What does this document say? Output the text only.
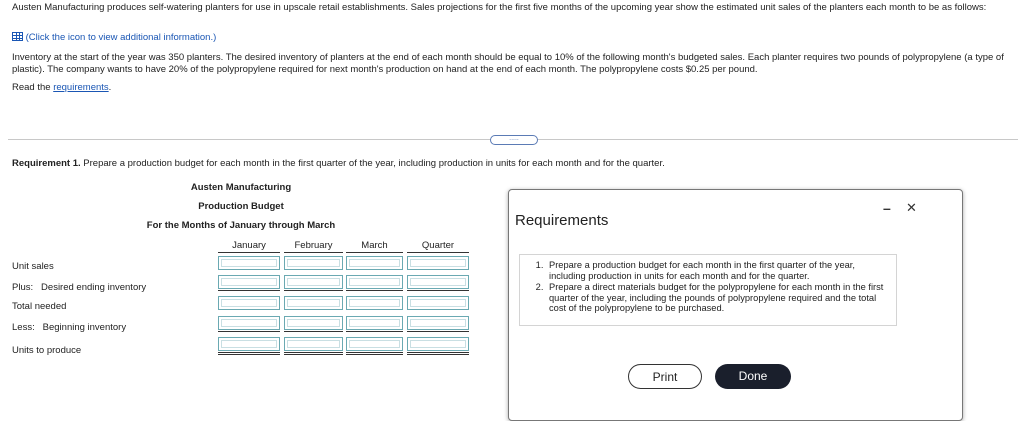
Austen Manufacturing produces self-watering planters for use in upscale retail establishments. Sales projections for the first five months of the upcoming year show the estimated unit sales of the planters each month to be as follows:
(Click the icon to view additional information.)
Inventory at the start of the year was 350 planters. The desired inventory of planters at the end of each month should be equal to 10% of the following month's budgeted sales. Each planter requires two pounds of polypropylene (a type of plastic). The company wants to have 20% of the polypropylene required for next month's production on hand at the end of each month. The polypropylene costs $0.25 per pound.
Read the requirements.
.....
Requirement 1. Prepare a production budget for each month in the first quarter of the year, including production in units for each month and for the quarter.
Austen Manufacturing
Production Budget
For the Months of January through March
January	February	March	Quarter
Unit sales
Plus: Desired ending inventory
Total needed
Less: Beginning inventory
Units to produce
Requirements
– ✕
1. Prepare a production budget for each month in the first quarter of the year, including production in units for each month and for the quarter.
2. Prepare a direct materials budget for the polypropylene for each month in the first quarter of the year, including the pounds of polypropylene required and the total cost of the polypropylene to be purchased.
Print	Done
